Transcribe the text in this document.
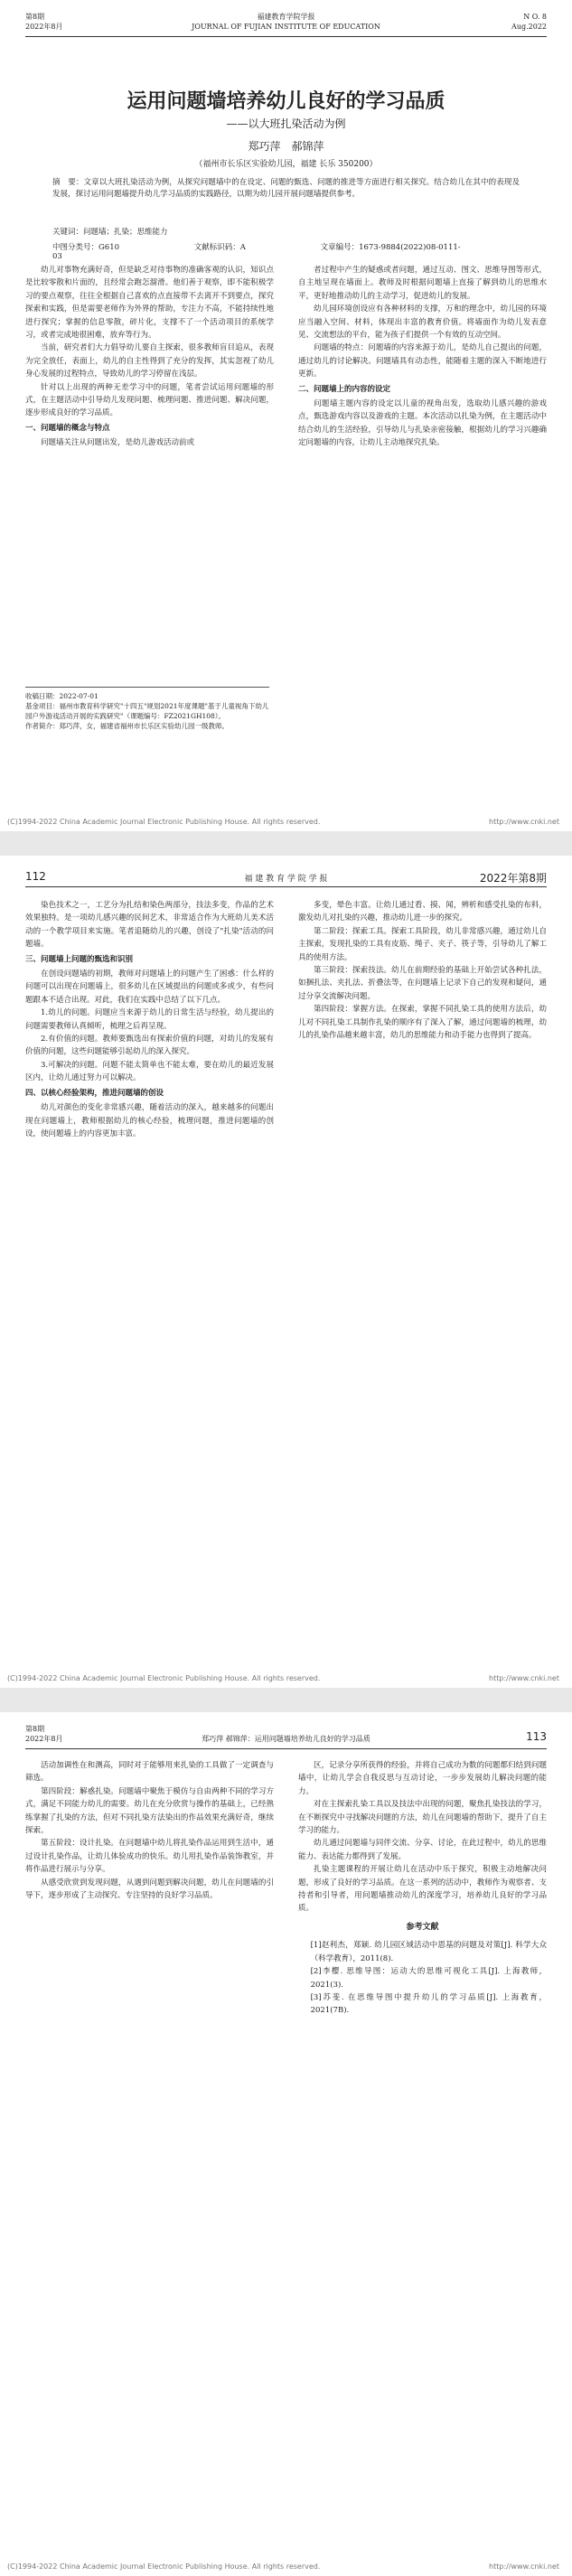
第8期
2022年8月
福建教育学院学报
JOURNAL OF FUJIAN INSTITUTE OF EDUCATION
N O. 8
Aug.2022
运用问题墙培养幼儿良好的学习品质
——以大班扎染活动为例
郑巧萍　郝锦萍
（福州市长乐区实验幼儿园，福建 长乐 350200）
摘　要：文章以大班扎染活动为例，从探究问题墙中的在设定、问题的甄选、问题的推进等方面进行相关探究。结合幼儿在其中的表现及发展，探讨运用问题墙提升幼儿学习品质的实践路径，以期为幼儿园开展问题墙提供参考。
关键词：问题墙；扎染；思维能力
中图分类号：G610	文献标识码：A	文章编号：1673-9884(2022)08-0111-03

幼儿对事物充满好奇，但是缺乏对待事物的准确客观的认识，知识点是比较零散和片面的，且经常会跑怎溜滑。他们善于观察，即不能积极学习的要点观察，往往全根据自己喜欢的点直接带不去离开不到要点，探究探索和实践，但是需要老师作为外界的帮助，专注力不高，不能持续性地进行探究；掌握的信息零散，碎片化，支撑不了一个活动项目的系统学习，或者完成地很困难，放弃等行为。

当前，研究者们大力倡导幼儿要自主探索，很多教师盲目追从，表现为完全放任，表面上，幼儿的自主性得到了充分的发挥，其实忽视了幼儿身心发展的过程特点，导致幼儿的学习停留在浅层。

针对以上出现的两种无差学习中的问题，笔者尝试运用问题墙的形式，在主题活动中引导幼儿发现问题、梳理问题、推进问题、解决问题，逐步形成良好的学习品质。

一、问题墙的概念与特点

问题墙关注从问题出发，是幼儿游戏活动前或

者过程中产生的疑惑或者问题，通过互动、图文、思维导图等形式，自主地呈现在墙面上。教师及时根据问题墙上直接了解到幼儿的思维水平，更好地推动幼儿的主动学习，促进幼儿的发展。

幼儿园环境创设应有各种材料的支撑，万和的理念中，幼儿园的环境应当融入空间、材料，体现出丰富的教育价值。将墙面作为幼儿发表意见、交流想法的平台，能为孩子们提供一个有效的互动空间。

问题墙的特点：问题墙的内容来源于幼儿，是幼儿自己提出的问题，通过幼儿的讨论解决。问题墙具有动态性，能随着主题的深入不断地进行更新。

二、问题墙上的内容的设定

问题墙主题内容的设定以儿童的视角出发，选取幼儿感兴趣的游戏点，甄选游戏内容以及游戏的主题。本次活动以扎染为例，在主题活动中结合幼儿的生活经验，引导幼儿与扎染亲密接触，根据幼儿的学习兴趣确定问题墙的内容，让幼儿主动地探究扎染。

收稿日期：2022-07-01
基金项目：福州市教育科学研究"十四五"规划2021年度课题"基于儿童视角下幼儿园户外游戏活动开展的实践研究"（课题编号：FZ2021GH108）。
作者简介：郑巧萍，女，福建省福州市长乐区实验幼儿园一级教师。
(C)1994-2022 China Academic Journal Electronic Publishing House. All rights reserved.	http://www.cnki.net
112	福 建 教 育 学 院 学 报	2022年第8期

染色技术之一，工艺分为扎结和染色两部分，技法多变，作品的艺术效果独特。是一项幼儿感兴趣的民间艺术，非常适合作为大班幼儿美术活动的一个教学项目来实施。笔者追随幼儿的兴趣，创设了"扎染"活动的问题墙。

三、问题墙上问题的甄选和识别

在创设问题墙的初期，教师对问题墙上的问题产生了困惑：什么样的问题可以出现在问题墙上，很多幼儿在区域提出的问题或多或少，有些问题跟本不适合出现。对此，我们在实践中总结了以下几点。

1.幼儿的问题。问题应当来源于幼儿的日常生活与经验，幼儿提出的问题需要教师认真倾听，梳理之后再呈现。

2.有价值的问题。教师要甄选出有探索价值的问题，对幼儿的发展有价值的问题，这些问题能够引起幼儿的深入探究。

3.可解决的问题。问题不能太简单也不能太难，要在幼儿的最近发展区内，让幼儿通过努力可以解决。

四、以核心经验架构，推进问题墙的创设

幼儿对颜色的变化非常感兴趣，随着活动的深入，越来越多的问题出现在问题墙上，教师根据幼儿的核心经验，梳理问题，推进问题墙的创设，使问题墙上的内容更加丰富。

多变，晕色丰富。让幼儿通过看、摸、闻，辨析和感受扎染的布料，激发幼儿对扎染的兴趣，推动幼儿进一步的探究。

第二阶段：探索工具。探索工具阶段，幼儿非常感兴趣，通过幼儿自主探索，发现扎染的工具有皮筋、绳子、夹子、筷子等，引导幼儿了解工具的使用方法。

第三阶段：探索技法。幼儿在前期经验的基础上开始尝试各种扎法，如捆扎法、夹扎法、折叠法等，在问题墙上记录下自己的发现和疑问，通过分享交流解决问题。

第四阶段：掌握方法。在探索，掌握不同扎染工具的使用方法后，幼儿对不同扎染工具制作扎染的顺序有了深入了解，通过问题墙的梳理，幼儿的扎染作品越来越丰富，幼儿的思维能力和动手能力也得到了提高。

(C)1994-2022 China Academic Journal Electronic Publishing House. All rights reserved.	http://www.cnki.net
第8期
2022年8月	郑巧萍 郝锦萍：运用问题墙培养幼儿良好的学习品质	113

活动加调性在和测高，同时对于能够用来扎染的工具做了一定调查与筛选。

第四阶段：解惑扎染。问题墙中聚焦于模仿与自由两种不同的学习方式，满足不同能力幼儿的需要。幼儿在充分欣赏与操作的基础上，已经熟练掌握了扎染的方法，但对不同扎染方法染出的作品效果充满好奇，继续探索。

第五阶段：设计扎染。在问题墙中幼儿将扎染作品运用到生活中，通过设计扎染作品，让幼儿体验成功的快乐。幼儿用扎染作品装饰教室，并将作品进行展示与分享。

从感受欣赏到发现问题，从遇到问题到解决问题，幼儿在问题墙的引导下，逐步形成了主动探究、专注坚持的良好学习品质。

区，记录分享所获得的经验，并将自己成功为数的问题都归结到问题墙中，让幼儿学会自我反思与互动讨论，一步步发展幼儿解决问题的能力。

对在主探索扎染工具以及技法中出现的问题，聚焦扎染技法的学习，在不断探究中寻找解决问题的方法，幼儿在问题墙的帮助下，提升了自主学习的能力。

幼儿通过问题墙与同伴交流、分享、讨论，在此过程中，幼儿的思维能力、表达能力都得到了发展。

扎染主题课程的开展让幼儿在活动中乐于探究，积极主动地解决问题，形成了良好的学习品质。在这一系列的活动中，教师作为观察者、支持者和引导者，用问题墙推动幼儿的深度学习，培养幼儿良好的学习品质。

参考文献

[1]赵利杰，郑颖. 幼儿园区域活动中恩基的问题及对策[J]. 科学大众（科学教育），2011(8).

[2]李樱. 思维导图：运动大的思维可视化工具[J]. 上海教师，2021(3).

[3]苏斐. 在思维导图中提升幼儿的学习品质[J]. 上海教育，2021(7B).

(C)1994-2022 China Academic Journal Electronic Publishing House. All rights reserved.	http://www.cnki.net
